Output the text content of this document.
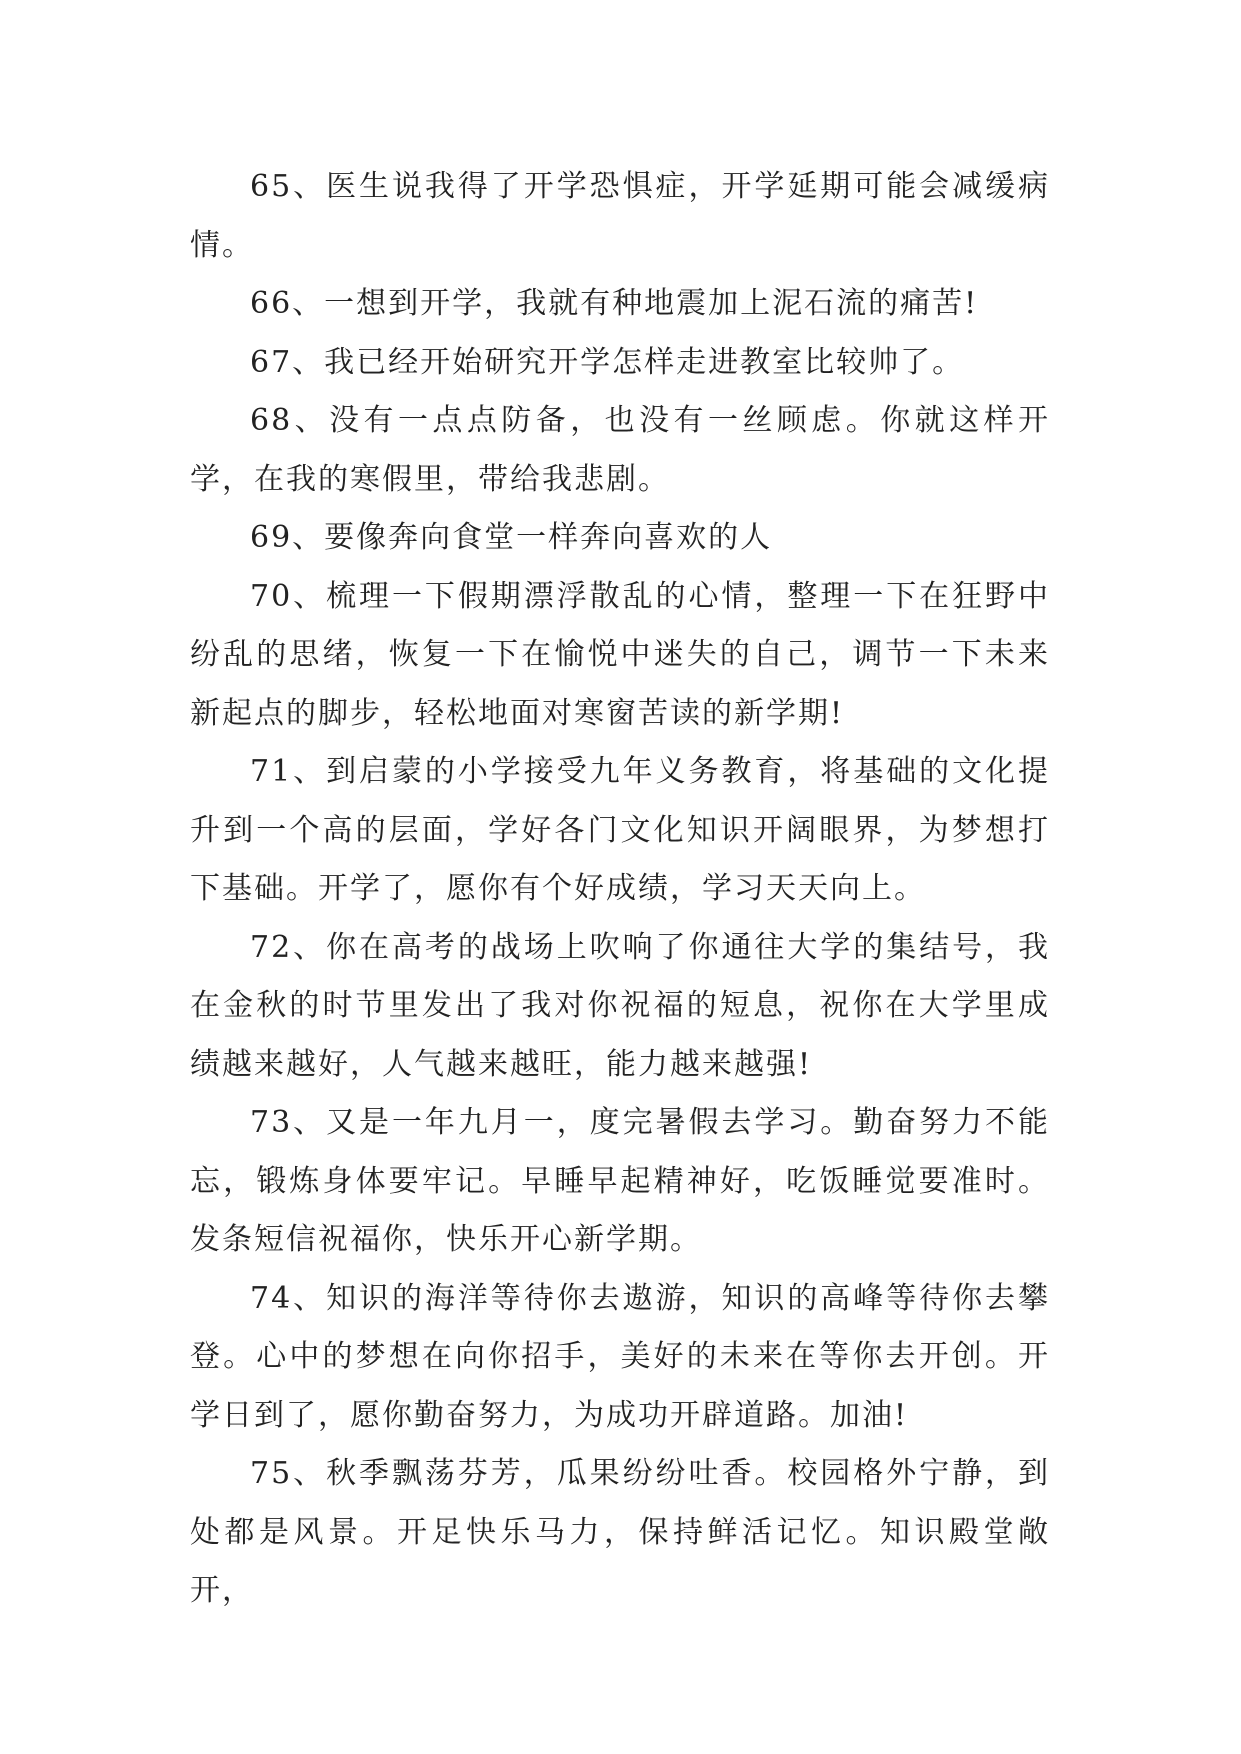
65、医生说我得了开学恐惧症，开学延期可能会减缓病情。

66、一想到开学，我就有种地震加上泥石流的痛苦!

67、我已经开始研究开学怎样走进教室比较帅了。

68、没有一点点防备，也没有一丝顾虑。你就这样开学，在我的寒假里，带给我悲剧。

69、要像奔向食堂一样奔向喜欢的人

70、梳理一下假期漂浮散乱的心情，整理一下在狂野中纷乱的思绪，恢复一下在愉悦中迷失的自己，调节一下未来新起点的脚步，轻松地面对寒窗苦读的新学期!

71、到启蒙的小学接受九年义务教育，将基础的文化提升到一个高的层面，学好各门文化知识开阔眼界，为梦想打下基础。开学了，愿你有个好成绩，学习天天向上。

72、你在高考的战场上吹响了你通往大学的集结号，我在金秋的时节里发出了我对你祝福的短息，祝你在大学里成绩越来越好，人气越来越旺，能力越来越强!

73、又是一年九月一，度完暑假去学习。勤奋努力不能忘，锻炼身体要牢记。早睡早起精神好，吃饭睡觉要准时。发条短信祝福你，快乐开心新学期。

74、知识的海洋等待你去遨游，知识的高峰等待你去攀登。心中的梦想在向你招手，美好的未来在等你去开创。开学日到了，愿你勤奋努力，为成功开辟道路。加油!

75、秋季飘荡芬芳，瓜果纷纷吐香。校园格外宁静，到处都是风景。开足快乐马力，保持鲜活记忆。知识殿堂敞开，
